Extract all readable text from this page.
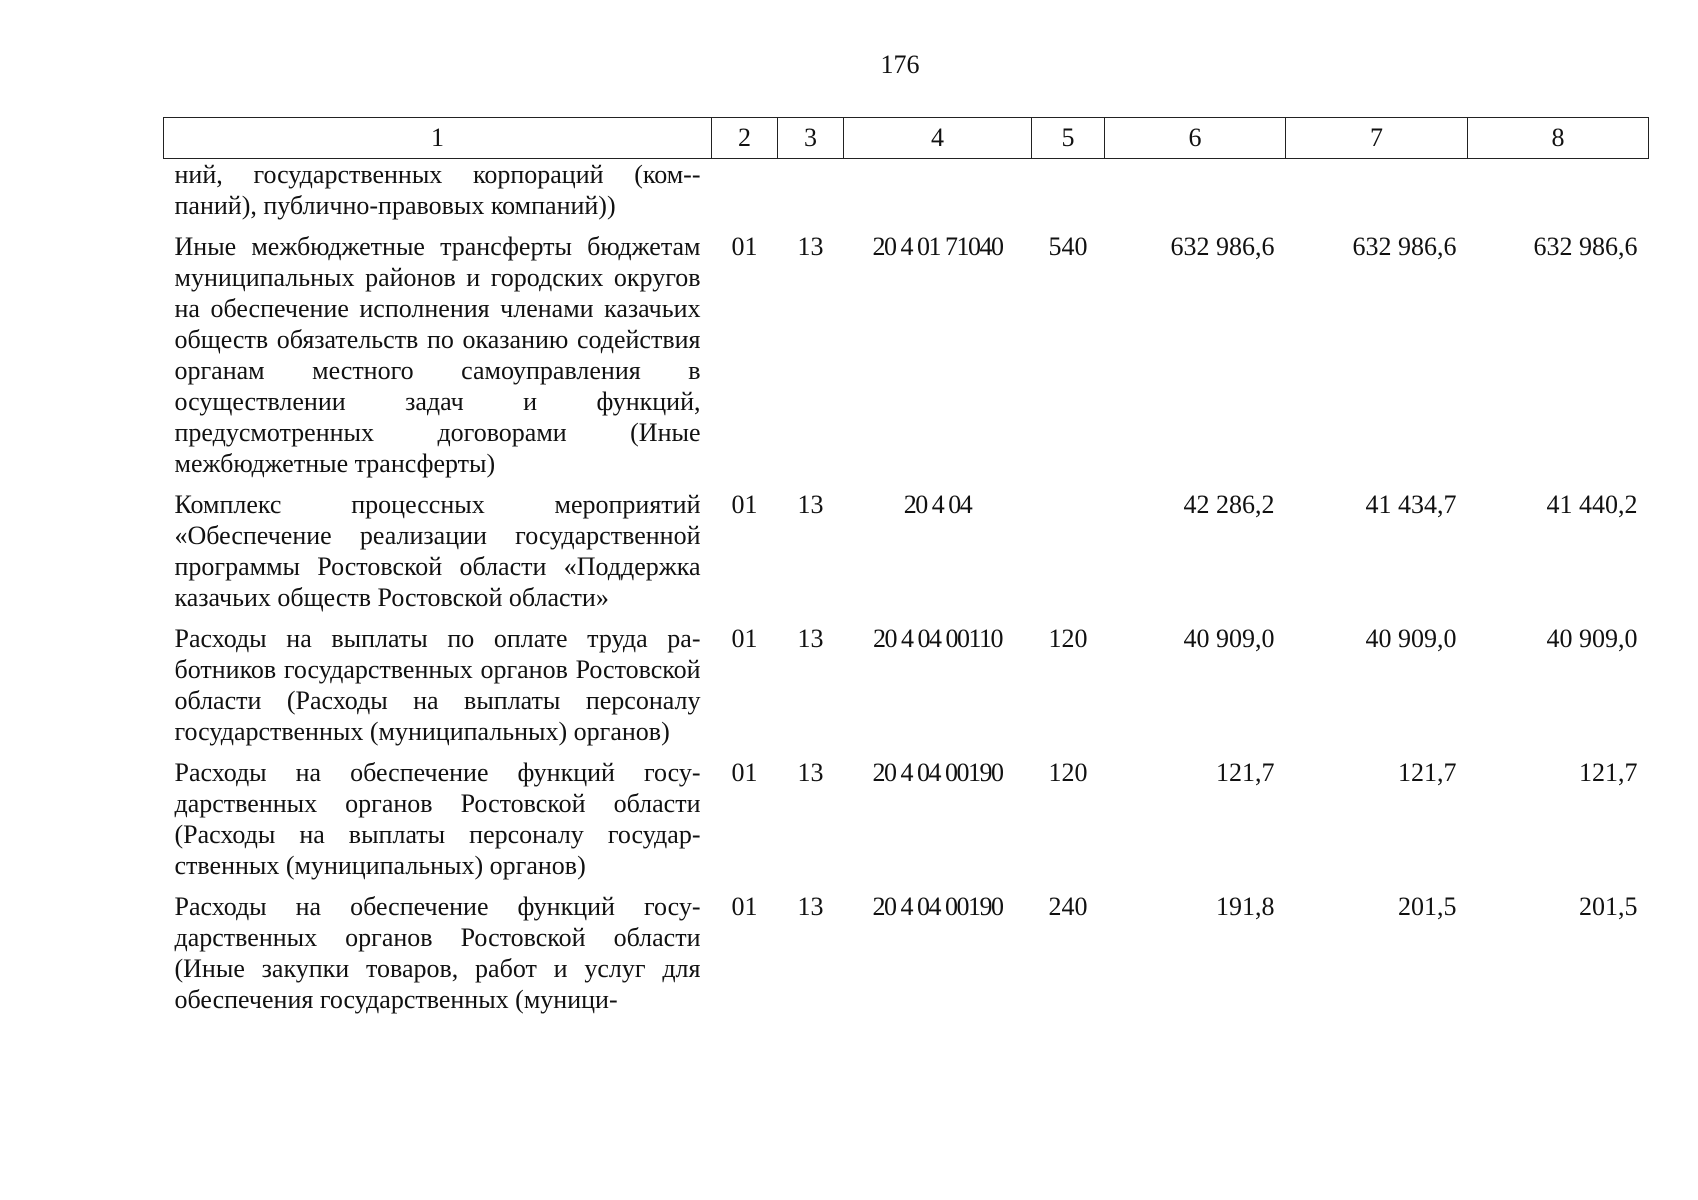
176
1	2	3	4	5	6	7	8
ний, государственных корпораций (ком-паний), публично-правовых компаний))							
Иные межбюджетные трансферты бюджетам муниципальных районов и городских округов на обеспечение исполнения членами казачьих обществ обязательств по оказанию содействия органам местного самоуправления в осуществлении задач и функций, предусмотренных договорами (Иные межбюджетные трансферты)	01	13	20 4 01 71040	540	632 986,6	632 986,6	632 986,6
Комплекс процессных мероприятий «Обеспечение реализации государственной программы Ростовской области «Поддержка казачьих обществ Ростовской области»	01	13	20 4 04		42 286,2	41 434,7	41 440,2
Расходы на выплаты по оплате труда работников государственных органов Ростовской области (Расходы на выплаты персоналу государственных (муниципальных) органов)	01	13	20 4 04 00110	120	40 909,0	40 909,0	40 909,0
Расходы на обеспечение функций государственных органов Ростовской области (Расходы на выплаты персоналу государственных (муниципальных) органов)	01	13	20 4 04 00190	120	121,7	121,7	121,7
Расходы на обеспечение функций государственных органов Ростовской области (Иные закупки товаров, работ и услуг для обеспечения государственных (муници-	01	13	20 4 04 00190	240	191,8	201,5	201,5
